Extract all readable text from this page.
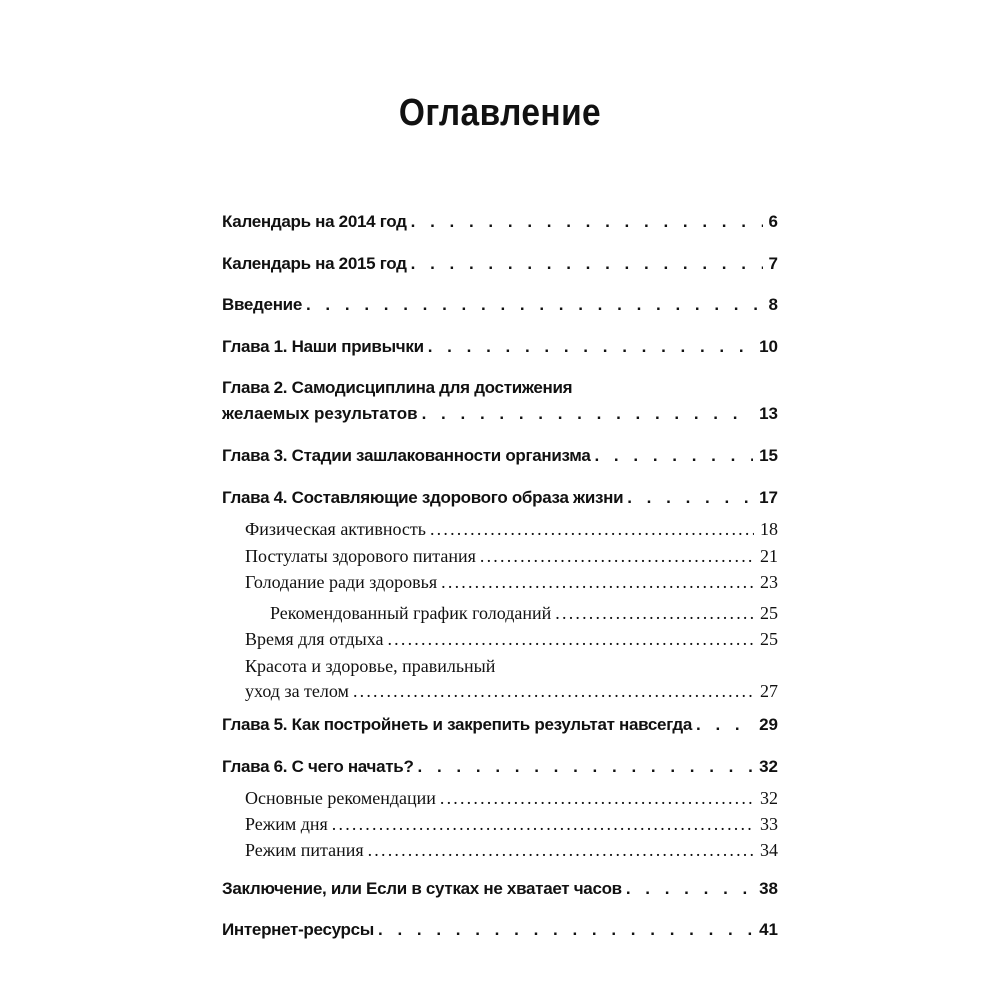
Оглавление
Календарь на 2014 год . . .	6
Календарь на 2015 год . . .	7
Введение . . .	8
Глава 1. Наши привычки . . .	10
Глава 2. Самодисциплина для достижения
желаемых результатов . . .	13
Глава 3. Стадии зашлакованности организма . . .	15
Глава 4. Составляющие здорового образа жизни . . .	17
Физическая активность .....	18
Постулаты здорового питания .....	21
Голодание ради здоровья .....	23
Рекомендованный график голоданий .....	25
Время для отдыха .....	25
Красота и здоровье, правильный
уход за телом .....	27
Глава 5. Как постройнеть и закрепить результат навсегда . . .	29
Глава 6. С чего начать? . . .	32
Основные рекомендации .....	32
Режим дня .....	33
Режим питания .....	34
Заключение, или Если в сутках не хватает часов . . .	38
Интернет-ресурсы . . .	41
